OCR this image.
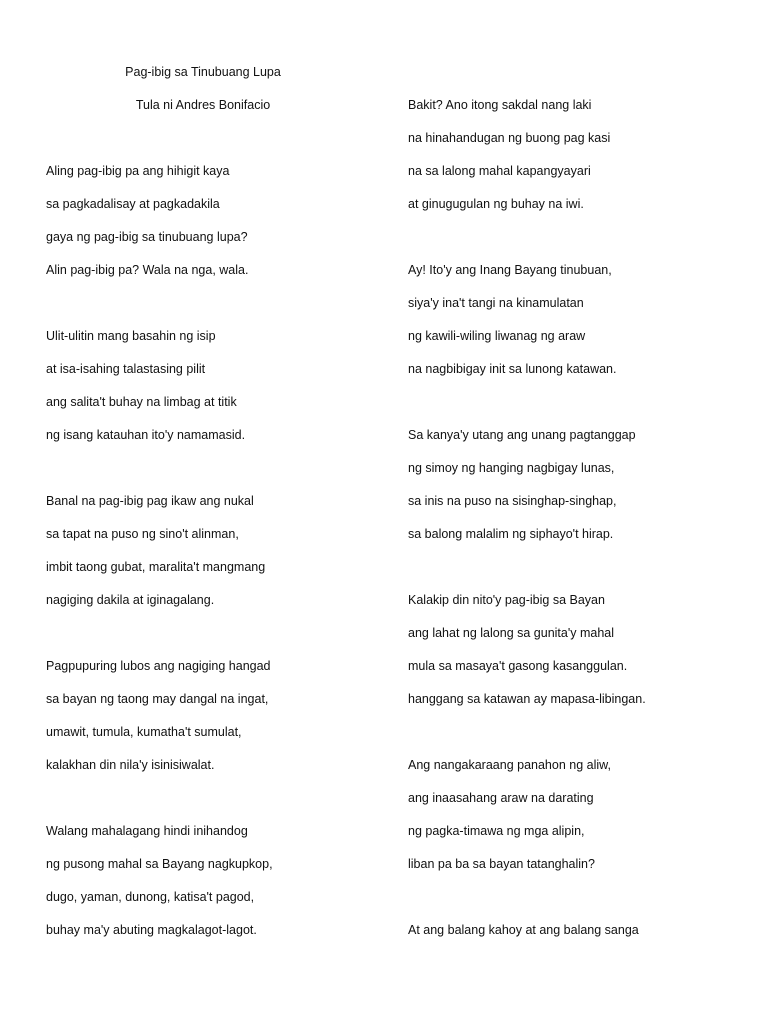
Pag-ibig sa Tinubuang Lupa
Tula ni Andres Bonifacio
Aling pag-ibig pa ang hihigit kaya
sa pagkadalisay at pagkadakila
gaya ng pag-ibig sa tinubuang lupa?
Alin pag-ibig pa? Wala na nga, wala.
Ulit-ulitin mang basahin ng isip
at isa-isahing talastasing pilit
ang salita't buhay na limbag at titik
ng isang katauhan ito'y namamasid.
Banal na pag-ibig pag ikaw ang nukal
sa tapat na puso ng sino't alinman,
imbit taong gubat, maralita't mangmang
nagiging dakila at iginagalang.
Pagpupuring lubos ang nagiging hangad
sa bayan ng taong may dangal na ingat,
umawit, tumula, kumatha't sumulat,
kalakhan din nila'y isinisiwalat.
Walang mahalagang hindi inihandog
ng pusong mahal sa Bayang nagkupkop,
dugo, yaman, dunong, katisa't pagod,
buhay ma'y abuting magkalagot-lagot.
Bakit? Ano itong sakdal nang laki
na hinahandugan ng buong pag kasi
na sa lalong mahal kapangyayari
at ginugugulan ng buhay na iwi.
Ay! Ito'y ang Inang Bayang tinubuan,
siya'y ina't tangi na kinamulatan
ng kawili-wiling liwanag ng araw
na nagbibigay init sa lunong katawan.
Sa kanya'y utang ang unang pagtanggap
ng simoy ng hanging nagbigay lunas,
sa inis na puso na sisinghap-singhap,
sa balong malalim ng siphayo't hirap.
Kalakip din nito'y pag-ibig sa Bayan
ang lahat ng lalong sa gunita'y mahal
mula sa masaya't gasong kasanggulan.
hanggang sa katawan ay mapasa-libingan.
Ang nangakaraang panahon ng aliw,
ang inaasahang araw na darating
ng pagka-timawa ng mga alipin,
liban pa ba sa bayan tatanghalin?
At ang balang kahoy at ang balang sanga
